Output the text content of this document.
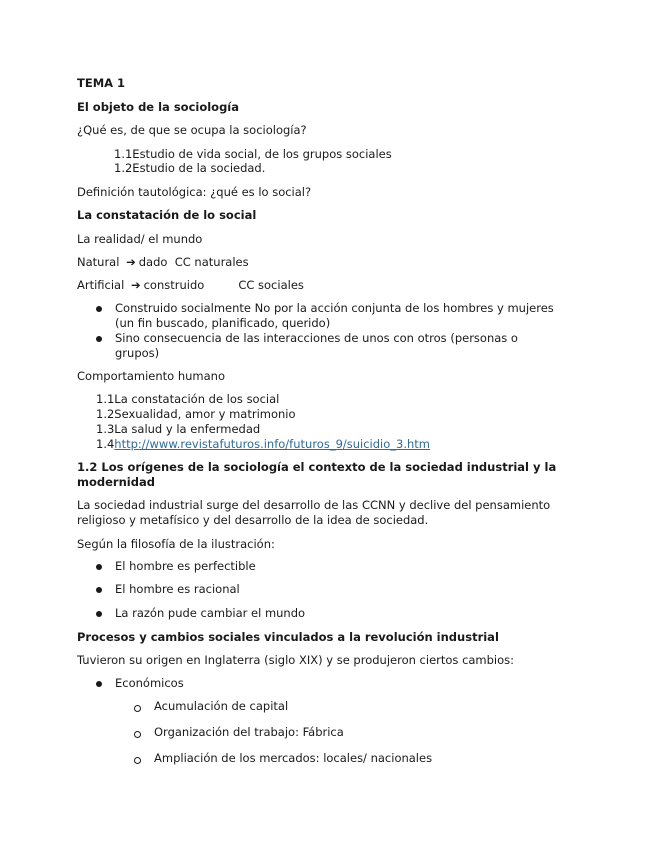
TEMA 1
El objeto de la sociología
¿Qué es, de que se ocupa la sociología?
1.1Estudio de vida social, de los grupos sociales
1.2Estudio de la sociedad.
Definición tautológica: ¿qué es lo social?
La constatación de lo social
La realidad/ el mundo
Natural ➔ dado CC naturales
Artificial ➔ construido	CC sociales
Construido socialmente No por la acción conjunta de los hombres y mujeres
(un fin buscado, planificado, querido)
Sino consecuencia de las interacciones de unos con otros (personas o
grupos)
Comportamiento humano
1.1La constatación de los social
1.2Sexualidad, amor y matrimonio
1.3La salud y la enfermedad
1.4http://www.revistafuturos.info/futuros_9/suicidio_3.htm
1.2 Los orígenes de la sociología el contexto de la sociedad industrial y la
modernidad
La sociedad industrial surge del desarrollo de las CCNN y declive del pensamiento
religioso y metafísico y del desarrollo de la idea de sociedad.
Según la filosofía de la ilustración:
El hombre es perfectible
El hombre es racional
La razón pude cambiar el mundo
Procesos y cambios sociales vinculados a la revolución industrial
Tuvieron su origen en Inglaterra (siglo XIX) y se produjeron ciertos cambios:
Económicos
Acumulación de capital
Organización del trabajo: Fábrica
Ampliación de los mercados: locales/ nacionales
